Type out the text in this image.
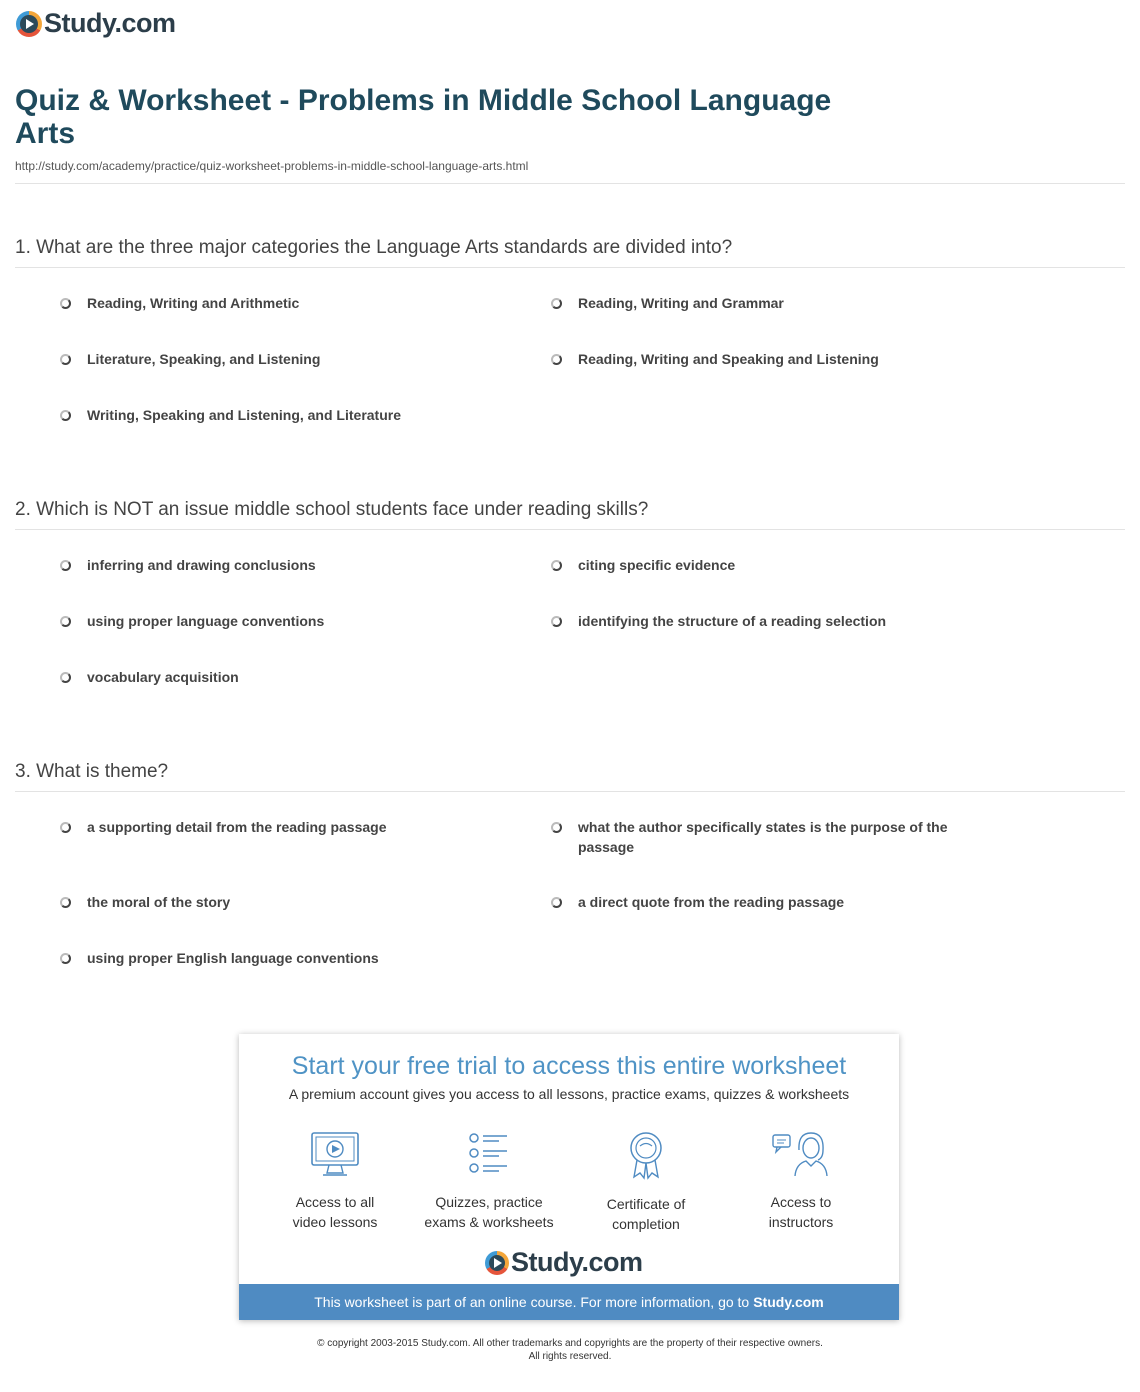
Study.com
Quiz & Worksheet - Problems in Middle School Language Arts
http://study.com/academy/practice/quiz-worksheet-problems-in-middle-school-language-arts.html
1. What are the three major categories the Language Arts standards are divided into?
Reading, Writing and Arithmetic	Reading, Writing and Grammar
Literature, Speaking, and Listening	Reading, Writing and Speaking and Listening
Writing, Speaking and Listening, and Literature
2. Which is NOT an issue middle school students face under reading skills?
inferring and drawing conclusions	citing specific evidence
using proper language conventions	identifying the structure of a reading selection
vocabulary acquisition
3. What is theme?
a supporting detail from the reading passage	what the author specifically states is the purpose of the passage
the moral of the story	a direct quote from the reading passage
using proper English language conventions
Start your free trial to access this entire worksheet
A premium account gives you access to all lessons, practice exams, quizzes & worksheets
Access to all
video lessons
Quizzes, practice
exams & worksheets
Certificate of
completion
Access to
instructors
Study.com
This worksheet is part of an online course. For more information, go to Study.com
© copyright 2003-2015 Study.com. All other trademarks and copyrights are the property of their respective owners.
All rights reserved.
